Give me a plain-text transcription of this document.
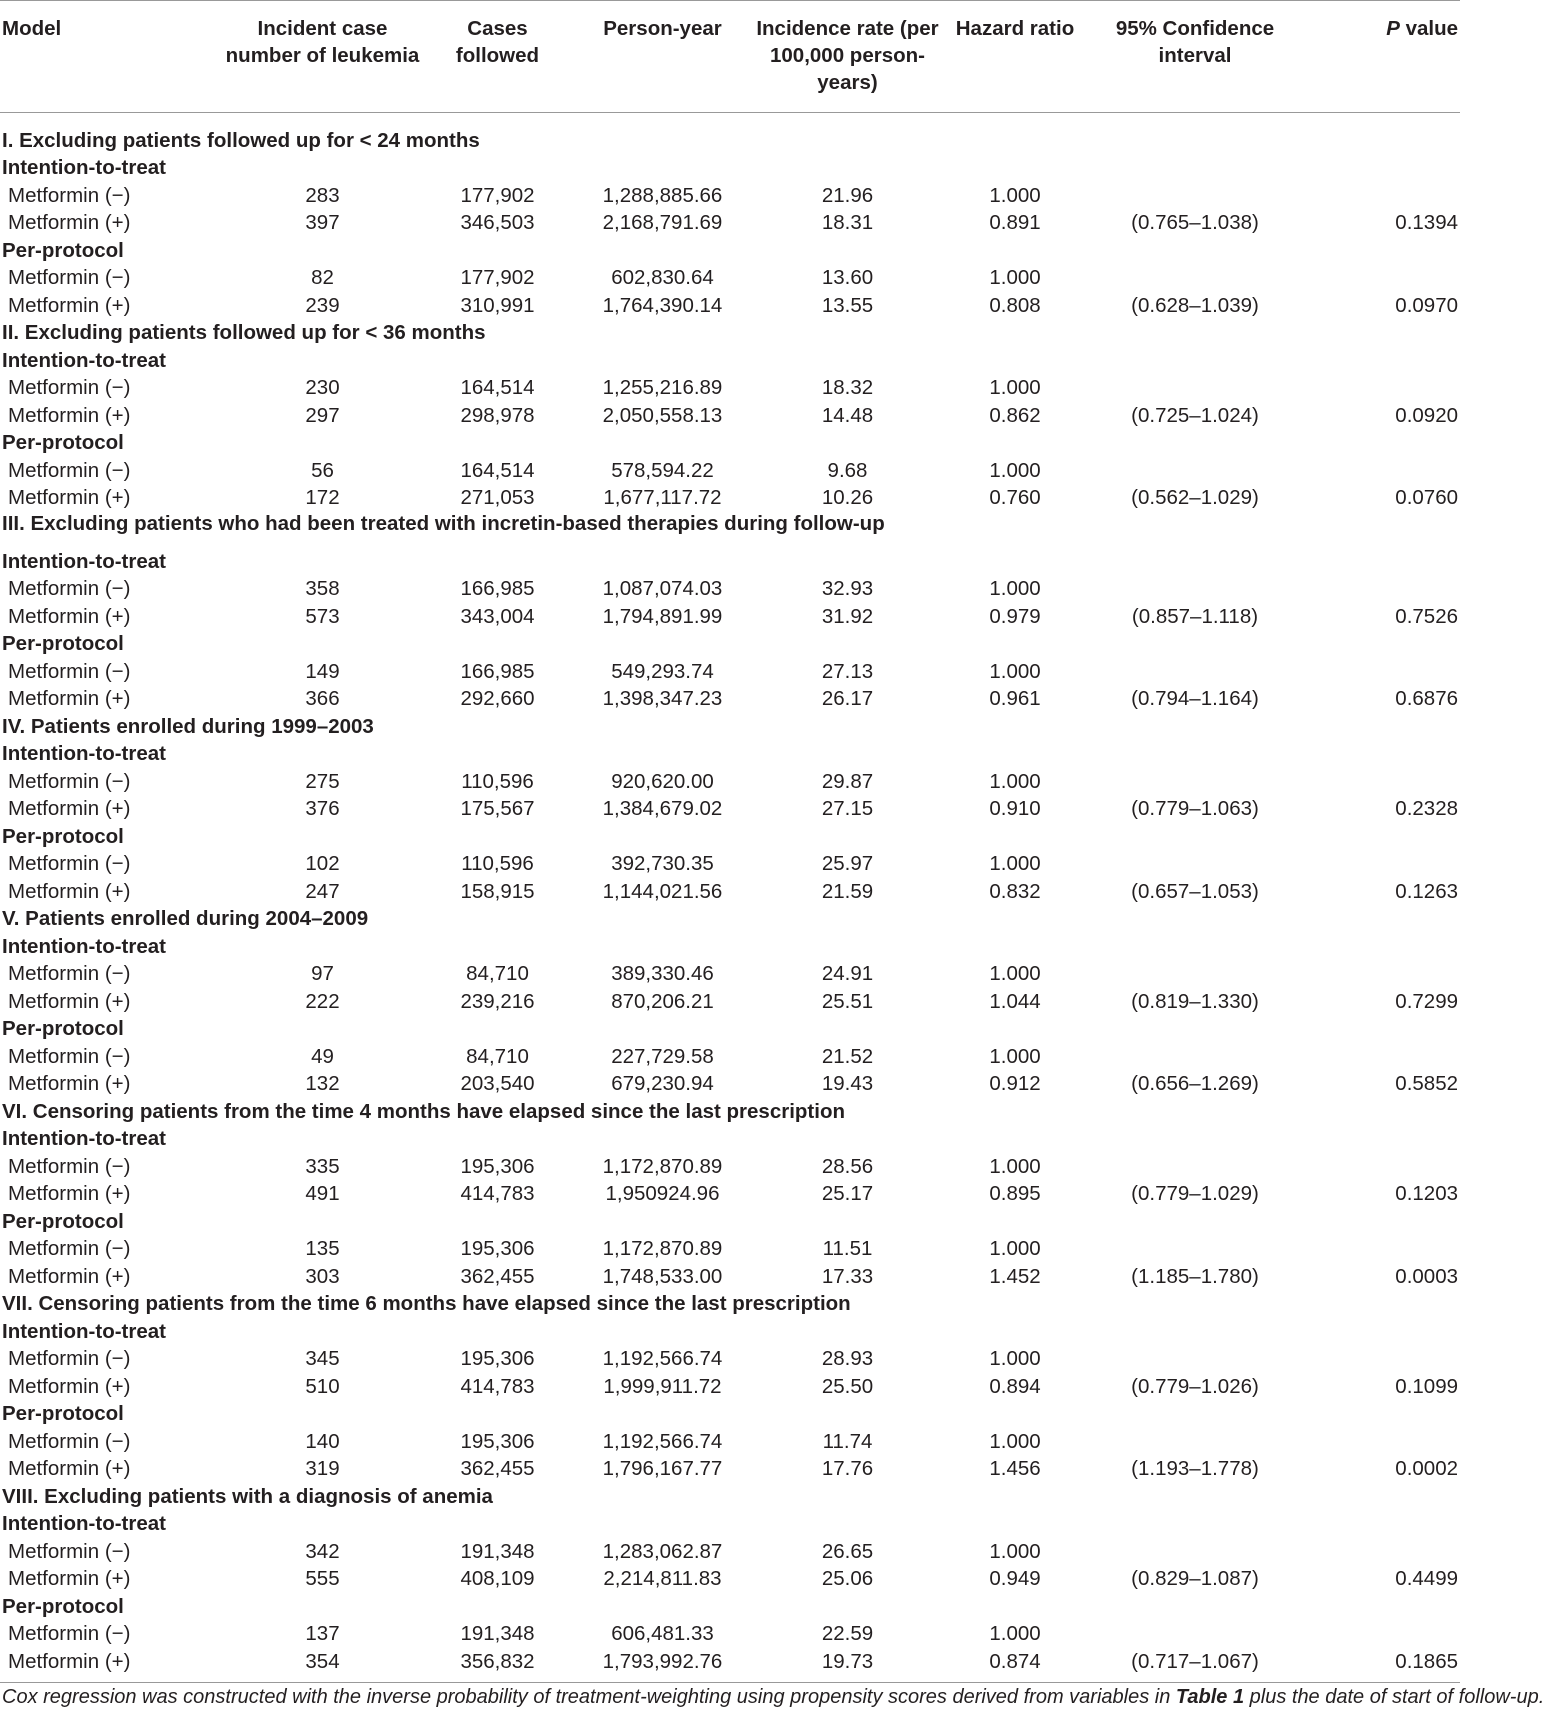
Model	Incident case number of leukemia	Cases followed	Person-year	Incidence rate (per 100,000 person-years)	Hazard ratio	95% Confidence interval	P value
I. Excluding patients followed up for < 24 months							
Intention-to-treat							
Metformin (−)	283	177,902	1,288,885.66	21.96	1.000		
Metformin (+)	397	346,503	2,168,791.69	18.31	0.891	(0.765–1.038)	0.1394
Per-protocol							
Metformin (−)	82	177,902	602,830.64	13.60	1.000		
Metformin (+)	239	310,991	1,764,390.14	13.55	0.808	(0.628–1.039)	0.0970
II. Excluding patients followed up for < 36 months							
Intention-to-treat							
Metformin (−)	230	164,514	1,255,216.89	18.32	1.000		
Metformin (+)	297	298,978	2,050,558.13	14.48	0.862	(0.725–1.024)	0.0920
Per-protocol							
Metformin (−)	56	164,514	578,594.22	9.68	1.000		
Metformin (+)	172	271,053	1,677,117.72	10.26	0.760	(0.562–1.029)	0.0760
III. Excluding patients who had been treated with incretin-based therapies during follow-up							
Intention-to-treat							
Metformin (−)	358	166,985	1,087,074.03	32.93	1.000		
Metformin (+)	573	343,004	1,794,891.99	31.92	0.979	(0.857–1.118)	0.7526
Per-protocol							
Metformin (−)	149	166,985	549,293.74	27.13	1.000		
Metformin (+)	366	292,660	1,398,347.23	26.17	0.961	(0.794–1.164)	0.6876
IV. Patients enrolled during 1999–2003							
Intention-to-treat							
Metformin (−)	275	110,596	920,620.00	29.87	1.000		
Metformin (+)	376	175,567	1,384,679.02	27.15	0.910	(0.779–1.063)	0.2328
Per-protocol							
Metformin (−)	102	110,596	392,730.35	25.97	1.000		
Metformin (+)	247	158,915	1,144,021.56	21.59	0.832	(0.657–1.053)	0.1263
V. Patients enrolled during 2004–2009							
Intention-to-treat							
Metformin (−)	97	84,710	389,330.46	24.91	1.000		
Metformin (+)	222	239,216	870,206.21	25.51	1.044	(0.819–1.330)	0.7299
Per-protocol							
Metformin (−)	49	84,710	227,729.58	21.52	1.000		
Metformin (+)	132	203,540	679,230.94	19.43	0.912	(0.656–1.269)	0.5852
VI. Censoring patients from the time 4 months have elapsed since the last prescription							
Intention-to-treat							
Metformin (−)	335	195,306	1,172,870.89	28.56	1.000		
Metformin (+)	491	414,783	1,950924.96	25.17	0.895	(0.779–1.029)	0.1203
Per-protocol							
Metformin (−)	135	195,306	1,172,870.89	11.51	1.000		
Metformin (+)	303	362,455	1,748,533.00	17.33	1.452	(1.185–1.780)	0.0003
VII. Censoring patients from the time 6 months have elapsed since the last prescription							
Intention-to-treat							
Metformin (−)	345	195,306	1,192,566.74	28.93	1.000		
Metformin (+)	510	414,783	1,999,911.72	25.50	0.894	(0.779–1.026)	0.1099
Per-protocol							
Metformin (−)	140	195,306	1,192,566.74	11.74	1.000		
Metformin (+)	319	362,455	1,796,167.77	17.76	1.456	(1.193–1.778)	0.0002
VIII. Excluding patients with a diagnosis of anemia							
Intention-to-treat							
Metformin (−)	342	191,348	1,283,062.87	26.65	1.000		
Metformin (+)	555	408,109	2,214,811.83	25.06	0.949	(0.829–1.087)	0.4499
Per-protocol							
Metformin (−)	137	191,348	606,481.33	22.59	1.000		
Metformin (+)	354	356,832	1,793,992.76	19.73	0.874	(0.717–1.067)	0.1865
Cox regression was constructed with the inverse probability of treatment-weighting using propensity scores derived from variables in Table 1 plus the date of start of follow-up.
